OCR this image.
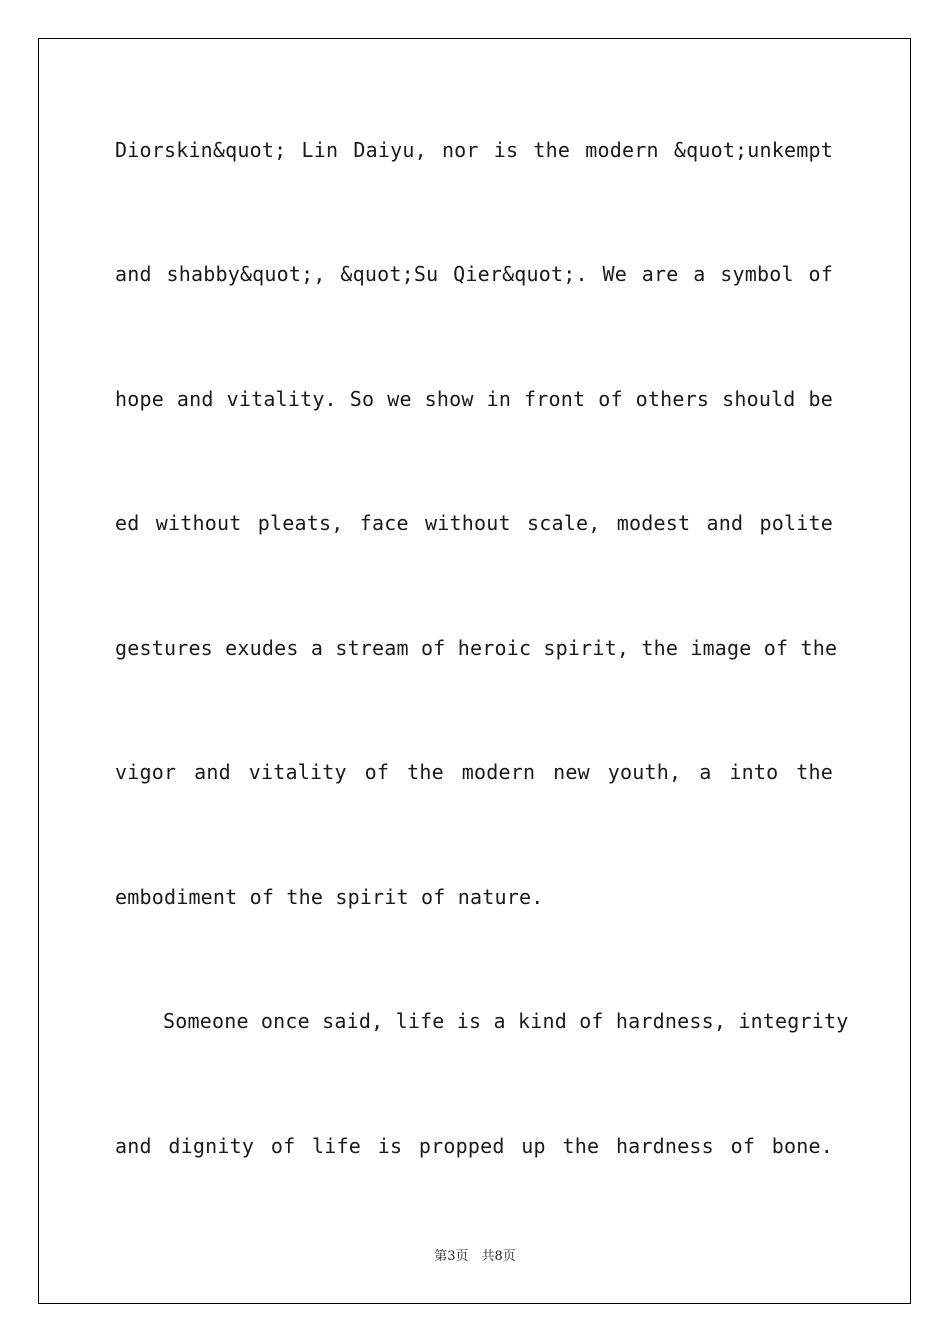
Diorskin&quot; Lin Daiyu, nor is the modern &quot;unkempt
and shabby&quot;, &quot;Su Qier&quot;. We are a symbol of
hope and vitality. So we show in front of others should be
ed without pleats, face without scale, modest and polite
gestures exudes a stream of heroic spirit, the image of the
vigor and vitality of the modern new youth, a into the
embodiment of the spirit of nature.
Someone once said, life is a kind of hardness, integrity
and dignity of life is propped up the hardness of bone.
第3页　共8页
